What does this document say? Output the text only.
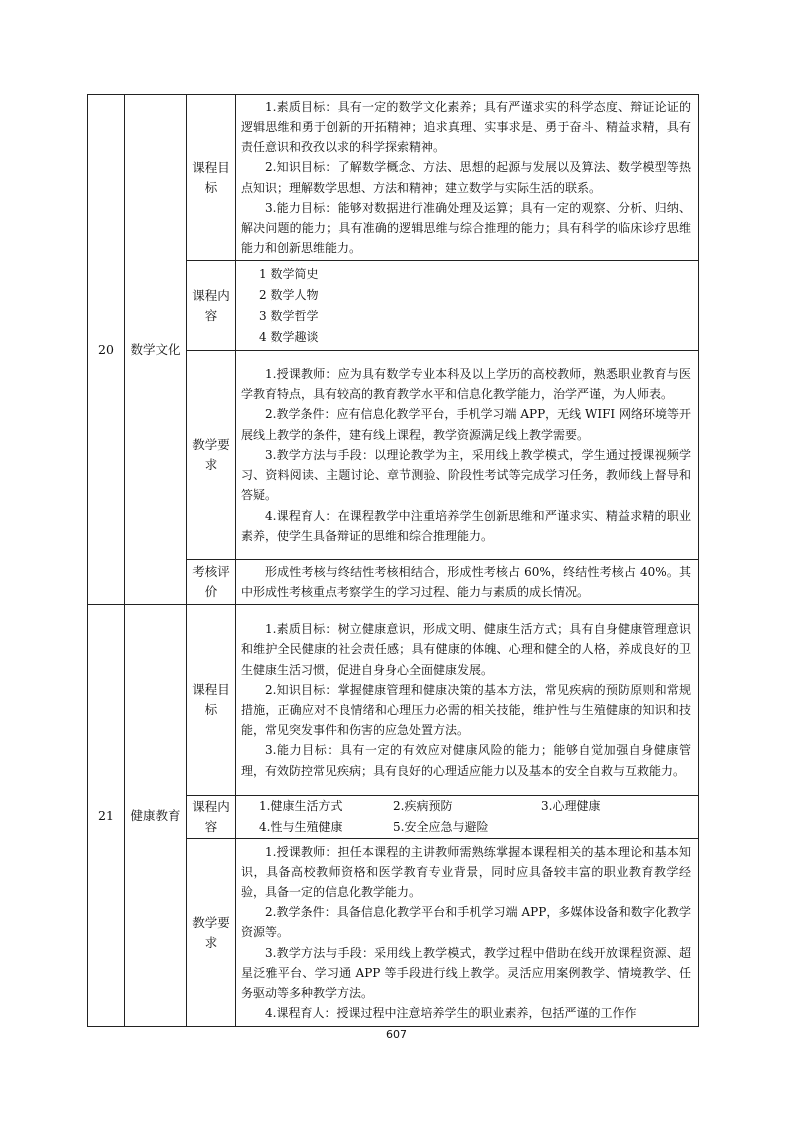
20	数学文化	课程目标	1.素质目标：具有一定的数学文化素养；具有严谨求实的科学态度、辩证论证的逻辑思维和勇于创新的开拓精神；追求真理、实事求是、勇于奋斗、精益求精，具有责任意识和孜孜以求的科学探索精神。

2.知识目标：了解数学概念、方法、思想的起源与发展以及算法、数学模型等热点知识；理解数学思想、方法和精神；建立数学与实际生活的联系。

3.能力目标：能够对数据进行准确处理及运算；具有一定的观察、分析、归纳、解决问题的能力；具有准确的逻辑思维与综合推理的能力；具有科学的临床诊疗思维能力和创新思维能力。

		课程内容	1 数学简史
2 数学人物
3 数学哲学
4 数学趣谈

		教学要求	1.授课教师：应为具有数学专业本科及以上学历的高校教师，熟悉职业教育与医学教育特点，具有较高的教育教学水平和信息化教学能力，治学严谨，为人师表。

2.教学条件：应有信息化教学平台，手机学习端 APP，无线 WIFI 网络环境等开展线上教学的条件，建有线上课程，教学资源满足线上教学需要。

3.教学方法与手段：以理论教学为主，采用线上教学模式，学生通过授课视频学习、资料阅读、主题讨论、章节测验、阶段性考试等完成学习任务，教师线上督导和答疑。

4.课程育人：在课程教学中注重培养学生创新思维和严谨求实、精益求精的职业素养，使学生具备辩证的思维和综合推理能力。

		考核评价	形成性考核与终结性考核相结合，形成性考核占 60%，终结性考核占 40%。其中形成性考核重点考察学生的学习过程、能力与素质的成长情况。

21	健康教育	课程目标	1.素质目标：树立健康意识，形成文明、健康生活方式；具有自身健康管理意识和维护全民健康的社会责任感；具有健康的体魄、心理和健全的人格，养成良好的卫生健康生活习惯，促进自身身心全面健康发展。

2.知识目标：掌握健康管理和健康决策的基本方法，常见疾病的预防原则和常规措施，正确应对不良情绪和心理压力必需的相关技能，维护性与生殖健康的知识和技能，常见突发事件和伤害的应急处置方法。

3.能力目标：具有一定的有效应对健康风险的能力；能够自觉加强自身健康管理，有效防控常见疾病；具有良好的心理适应能力以及基本的安全自救与互救能力。

		课程内容	1.健康生活方式 2.疾病预防 3.心理健康
4.性与生殖健康 5.安全应急与避险

		教学要求	1.授课教师：担任本课程的主讲教师需熟练掌握本课程相关的基本理论和基本知识，具备高校教师资格和医学教育专业背景，同时应具备较丰富的职业教育教学经验，具备一定的信息化教学能力。

2.教学条件：具备信息化教学平台和手机学习端 APP，多媒体设备和数字化教学资源等。

3.教学方法与手段：采用线上教学模式，教学过程中借助在线开放课程资源、超星泛雅平台、学习通 APP 等手段进行线上教学。灵活应用案例教学、情境教学、任务驱动等多种教学方法。

4.课程育人：授课过程中注意培养学生的职业素养，包括严谨的工作作

607
